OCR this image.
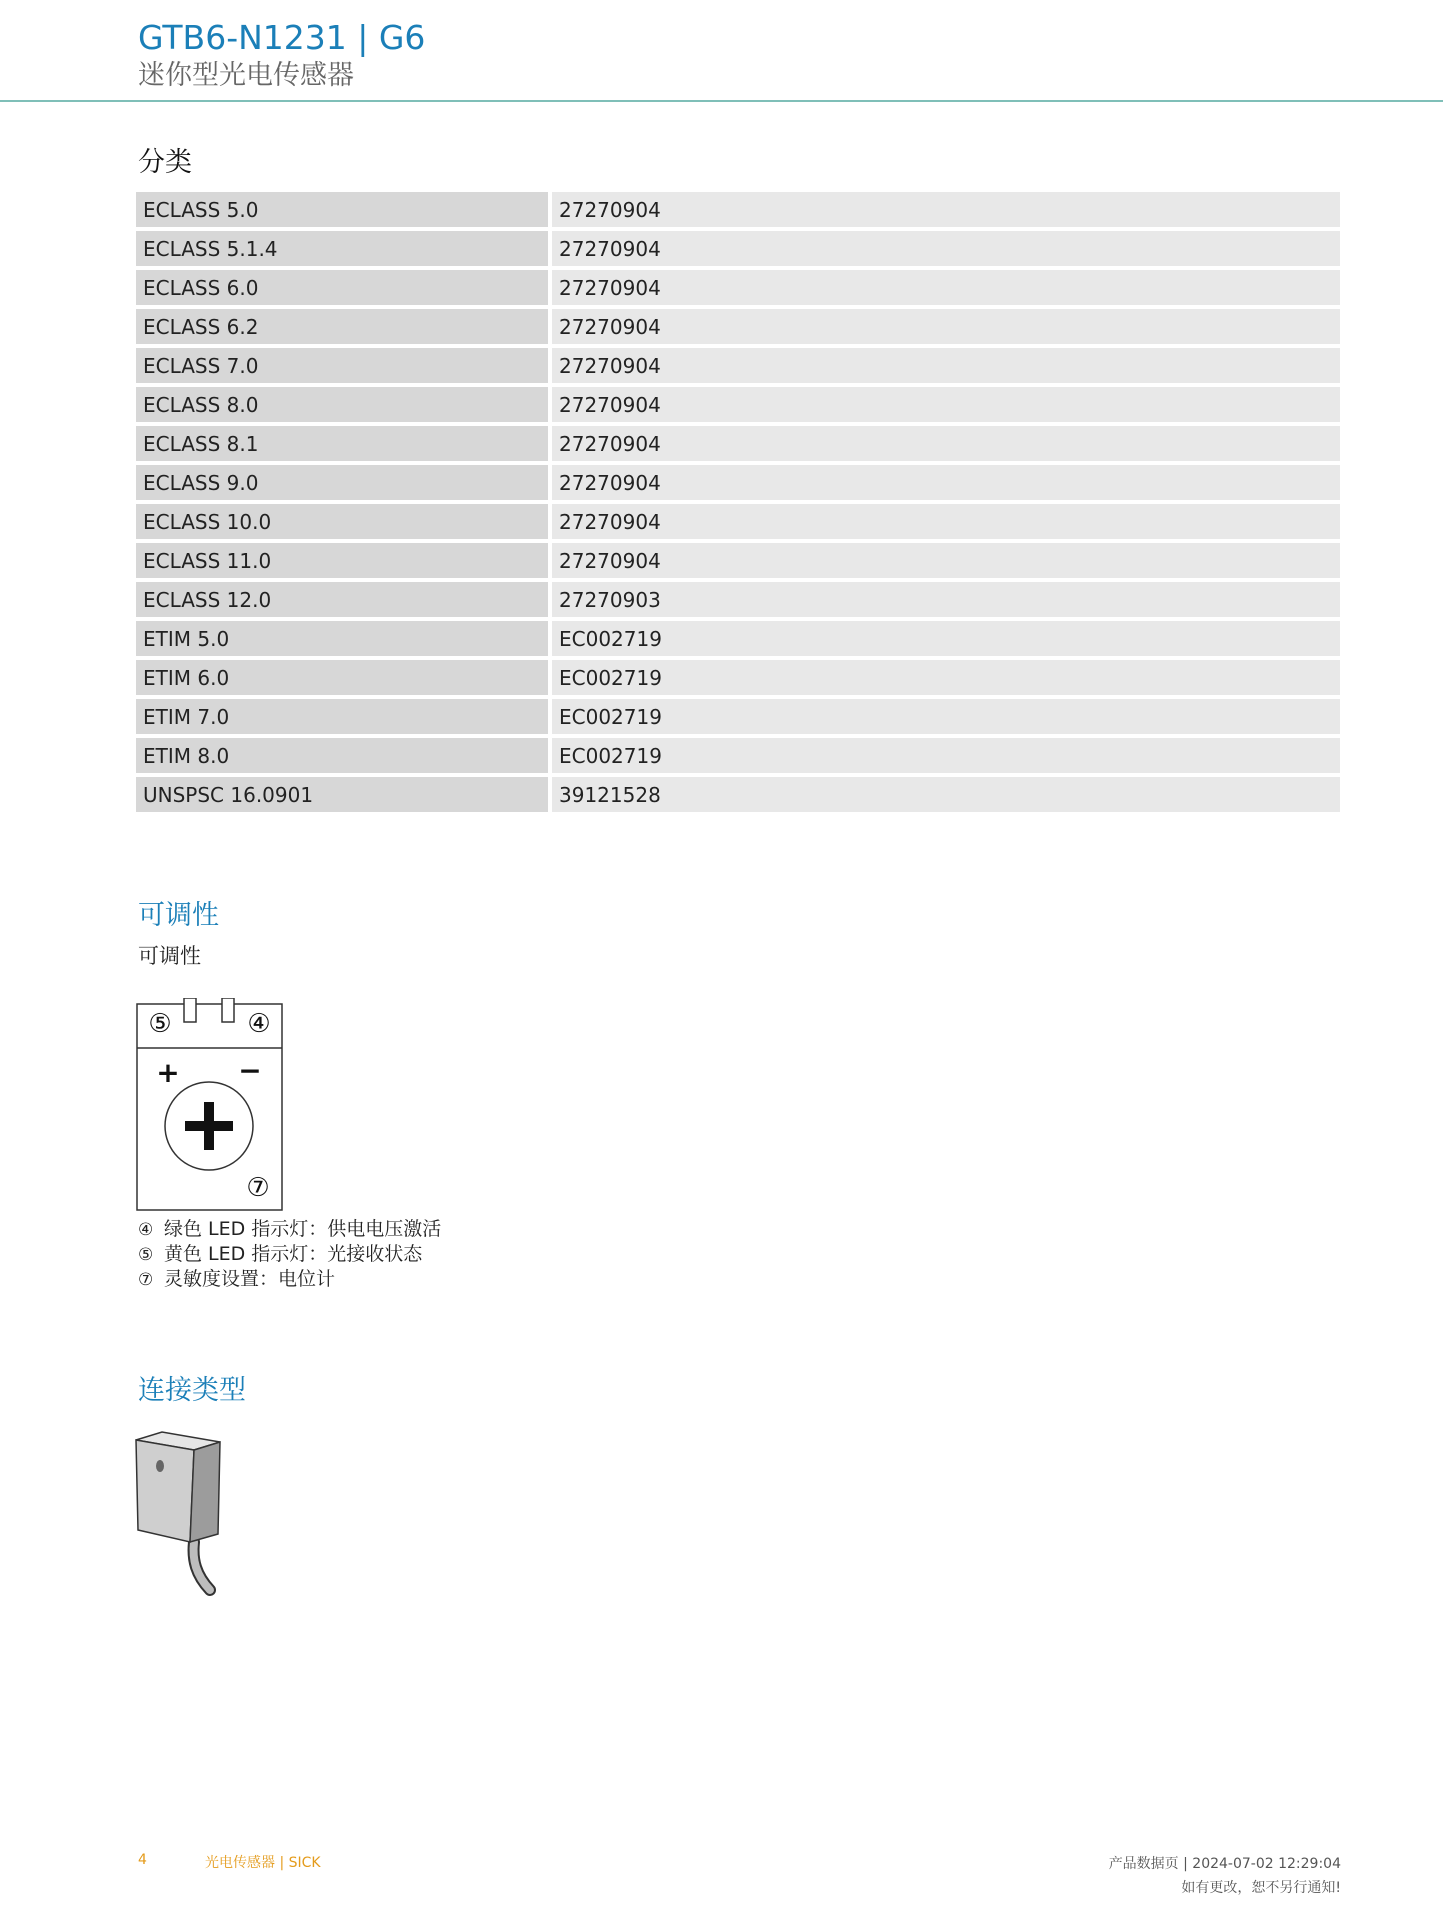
GTB6-N1231 | G6
迷你型光电传感器
分类
ECLASS 5.0	27270904
ECLASS 5.1.4	27270904
ECLASS 6.0	27270904
ECLASS 6.2	27270904
ECLASS 7.0	27270904
ECLASS 8.0	27270904
ECLASS 8.1	27270904
ECLASS 9.0	27270904
ECLASS 10.0	27270904
ECLASS 11.0	27270904
ECLASS 12.0	27270903
ETIM 5.0	EC002719
ETIM 6.0	EC002719
ETIM 7.0	EC002719
ETIM 8.0	EC002719
UNSPSC 16.0901	39121528
可调性
可调性
⑤	④
+ −
⑦
④ 绿色 LED 指示灯：供电电压激活
⑤ 黄色 LED 指示灯：光接收状态
⑦ 灵敏度设置：电位计
连接类型
4	光电传感器 | SICK	产品数据页 | 2024-07-02 12:29:04
如有更改，恕不另行通知!
